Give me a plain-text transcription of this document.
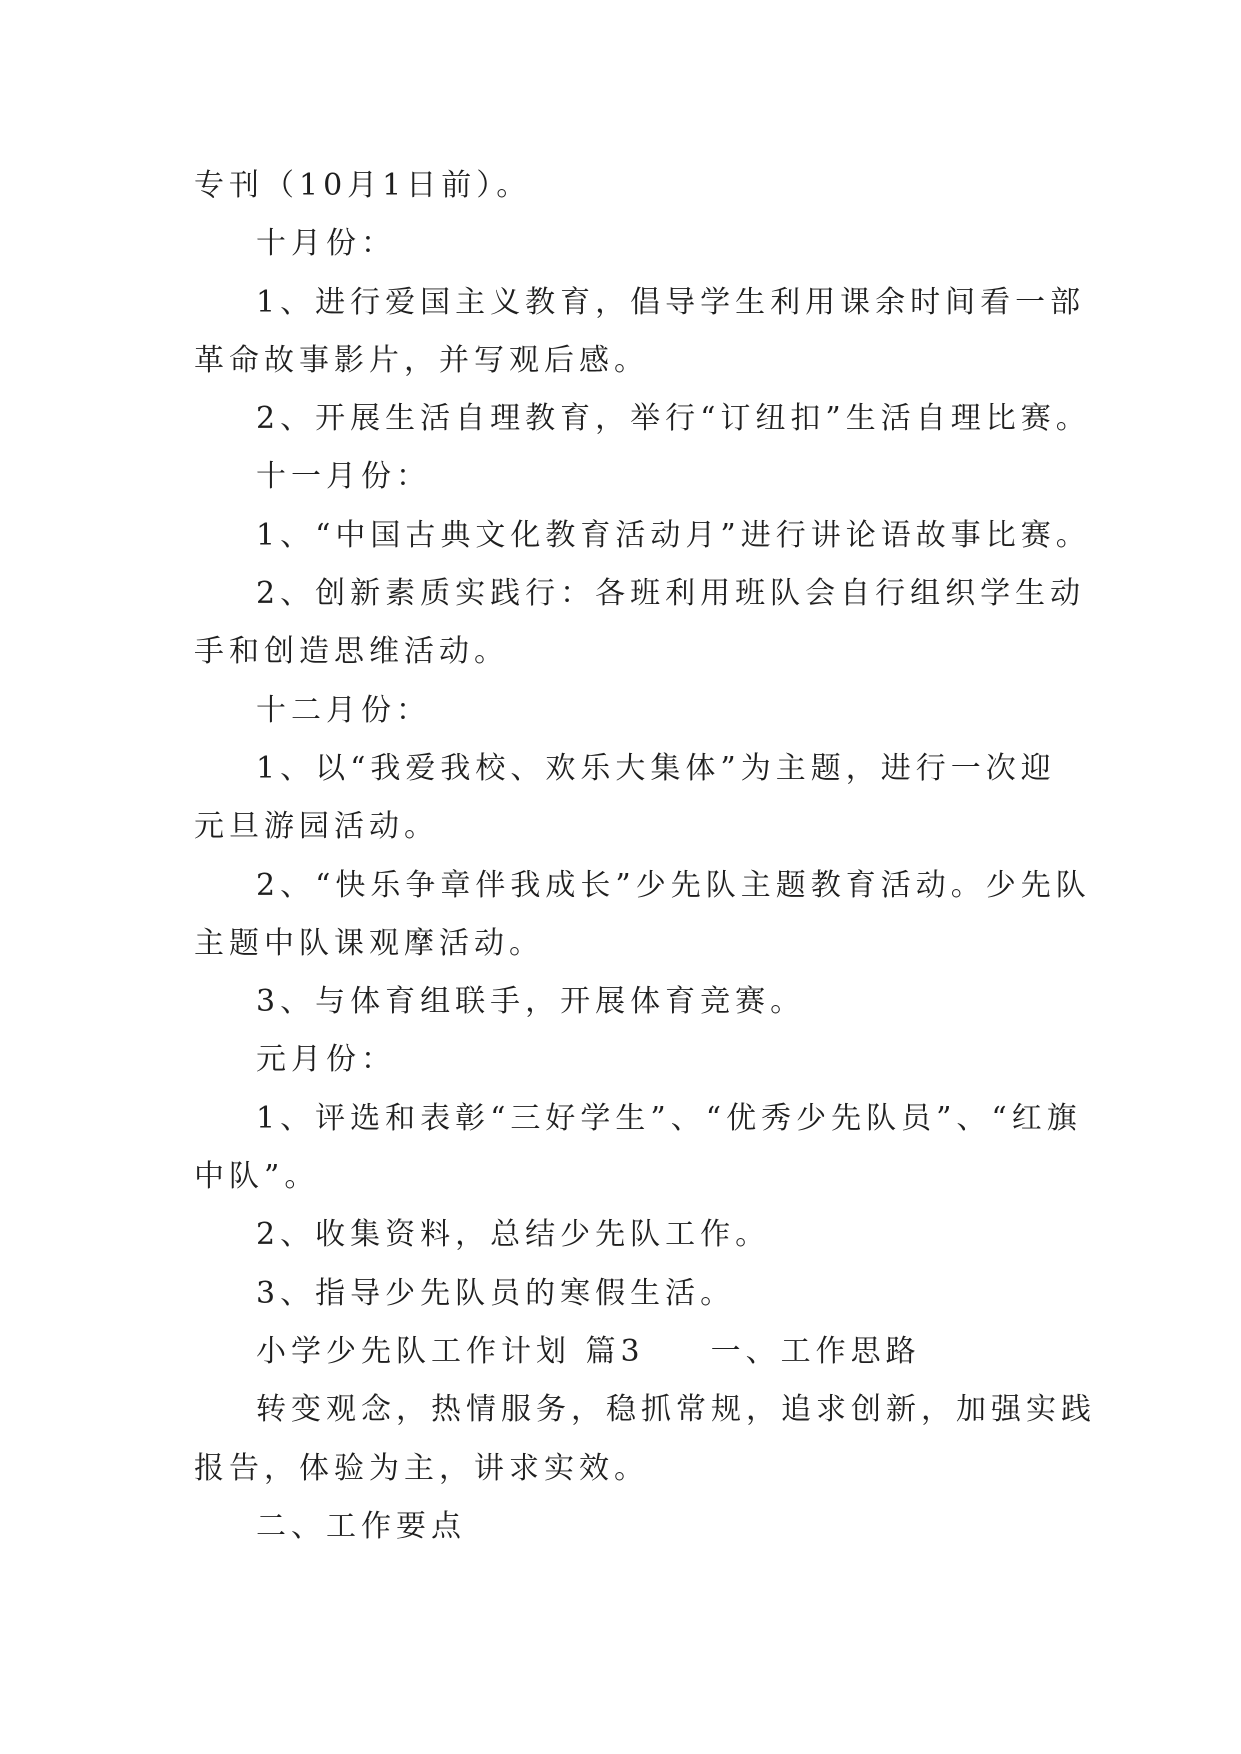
专刊（10月1日前）。
十月份：
1、进行爱国主义教育，倡导学生利用课余时间看一部
革命故事影片，并写观后感。
2、开展生活自理教育，举行“订纽扣”生活自理比赛。
十一月份：
1、“中国古典文化教育活动月”进行讲论语故事比赛。
2、创新素质实践行：各班利用班队会自行组织学生动
手和创造思维活动。
十二月份：
1、以“我爱我校、欢乐大集体”为主题，进行一次迎
元旦游园活动。
2、“快乐争章伴我成长”少先队主题教育活动。少先队
主题中队课观摩活动。
3、与体育组联手，开展体育竞赛。
元月份：
1、评选和表彰“三好学生”、“优秀少先队员”、“红旗
中队”。
2、收集资料，总结少先队工作。
3、指导少先队员的寒假生活。
小学少先队工作计划 篇3 一、工作思路
转变观念，热情服务，稳抓常规，追求创新，加强实践
报告，体验为主，讲求实效。
二、工作要点
